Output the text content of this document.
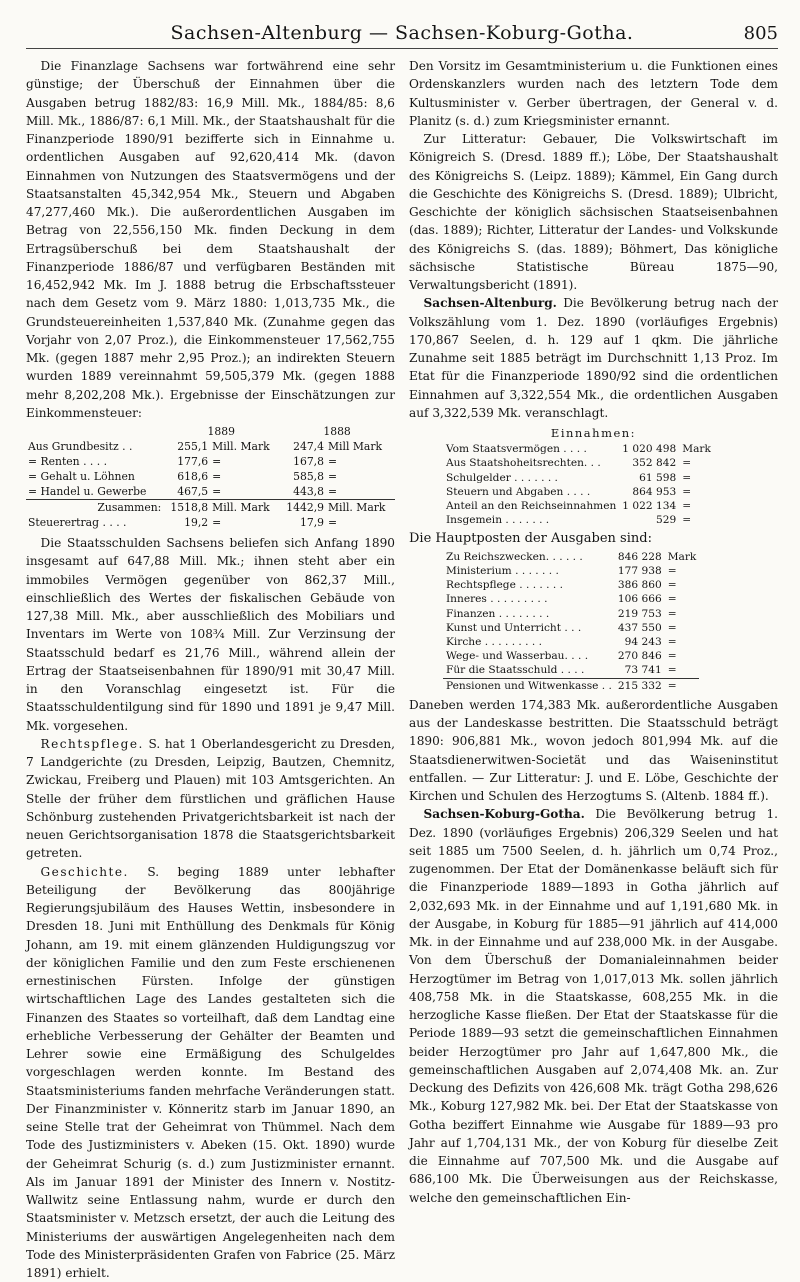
Sachsen-Altenburg — Sachsen-Koburg-Gotha.	805

Die Finanzlage Sachsens war fortwährend eine sehr günstige; der Überschuß der Einnahmen über die Ausgaben betrug 1882/83: 16,9 Mill. Mk., 1884/85: 8,6 Mill. Mk., 1886/87: 6,1 Mill. Mk., der Staatshaushalt für die Finanzperiode 1890/91 bezifferte sich in Einnahme u. ordentlichen Ausgaben auf 92,620,414 Mk. (davon Einnahmen von Nutzungen des Staatsvermögens und der Staatsanstalten 45,342,954 Mk., Steuern und Abgaben 47,277,460 Mk.). Die außerordentlichen Ausgaben im Betrag von 22,556,150 Mk. finden Deckung in dem Ertragsüberschuß bei dem Staatshaushalt der Finanzperiode 1886/87 und verfügbaren Beständen mit 16,452,942 Mk. Im J. 1888 betrug die Erbschaftssteuer nach dem Gesetz vom 9. März 1880: 1,013,735 Mk., die Grundsteuereinheiten 1,537,840 Mk. (Zunahme gegen das Vorjahr von 2,07 Proz.), die Einkommensteuer 17,562,755 Mk. (gegen 1887 mehr 2,95 Proz.); an indirekten Steuern wurden 1889 vereinnahmt 59,505,379 Mk. (gegen 1888 mehr 8,202,208 Mk.). Ergebnisse der Einschätzungen zur Einkommensteuer:

	1889		1888	
Aus Grundbesitz . .	255,1	Mill. Mark	247,4	Mill Mark
= Renten . . . .	177,6	=	167,8	=
= Gehalt u. Löhnen	618,6	=	585,8	=
= Handel u. Gewerbe	467,5	=	443,8	=
Zusammen:	1518,8	Mill. Mark	1442,9	Mill. Mark
Steuerertrag . . . .	19,2	=	17,9	=

Die Staatsschulden Sachsens beliefen sich Anfang 1890 insgesamt auf 647,88 Mill. Mk.; ihnen steht aber ein immobiles Vermögen gegenüber von 862,37 Mill., einschließlich des Wertes der fiskalischen Gebäude von 127,38 Mill. Mk., aber ausschließlich des Mobiliars und Inventars im Werte von 108¾ Mill. Zur Verzinsung der Staatsschuld bedarf es 21,76 Mill., während allein der Ertrag der Staatseisenbahnen für 1890/91 mit 30,47 Mill. in den Voranschlag eingesetzt ist. Für die Staatsschuldentilgung sind für 1890 und 1891 je 9,47 Mill. Mk. vorgesehen.

Rechtspflege. S. hat 1 Oberlandesgericht zu Dresden, 7 Landgerichte (zu Dresden, Leipzig, Bautzen, Chemnitz, Zwickau, Freiberg und Plauen) mit 103 Amtsgerichten. An Stelle der früher dem fürstlichen und gräflichen Hause Schönburg zustehenden Privatgerichtsbarkeit ist nach der neuen Gerichtsorganisation 1878 die Staatsgerichtsbarkeit getreten.

Geschichte. S. beging 1889 unter lebhafter Beteiligung der Bevölkerung das 800jährige Regierungsjubiläum des Hauses Wettin, insbesondere in Dresden 18. Juni mit Enthüllung des Denkmals für König Johann, am 19. mit einem glänzenden Huldigungszug vor der königlichen Familie und den zum Feste erschienenen ernestinischen Fürsten. Infolge der günstigen wirtschaftlichen Lage des Landes gestalteten sich die Finanzen des Staates so vorteilhaft, daß dem Landtag eine erhebliche Verbesserung der Gehälter der Beamten und Lehrer sowie eine Ermäßigung des Schulgeldes vorgeschlagen werden konnte. Im Bestand des Staatsministeriums fanden mehrfache Veränderungen statt. Der Finanzminister v. Könneritz starb im Januar 1890, an seine Stelle trat der Geheimrat von Thümmel. Nach dem Tode des Justizministers v. Abeken (15. Okt. 1890) wurde der Geheimrat Schurig (s. d.) zum Justizminister ernannt. Als im Januar 1891 der Minister des Innern v. Nostitz-Wallwitz seine Entlassung nahm, wurde er durch den Staatsminister v. Metzsch ersetzt, der auch die Leitung des Ministeriums der auswärtigen Angelegenheiten nach dem Tode des Ministerpräsidenten Grafen von Fabrice (25. März 1891) erhielt.

Den Vorsitz im Gesamtministerium u. die Funktionen eines Ordenskanzlers wurden nach des letztern Tode dem Kultusminister v. Gerber übertragen, der General v. d. Planitz (s. d.) zum Kriegsminister ernannt.

Zur Litteratur: Gebauer, Die Volkswirtschaft im Königreich S. (Dresd. 1889 ff.); Löbe, Der Staatshaushalt des Königreichs S. (Leipz. 1889); Kämmel, Ein Gang durch die Geschichte des Königreichs S. (Dresd. 1889); Ulbricht, Geschichte der königlich sächsischen Staatseisenbahnen (das. 1889); Richter, Litteratur der Landes- und Volkskunde des Königreichs S. (das. 1889); Böhmert, Das königliche sächsische Statistische Büreau 1875—90, Verwaltungsbericht (1891).

Sachsen-Altenburg. Die Bevölkerung betrug nach der Volkszählung vom 1. Dez. 1890 (vorläufiges Ergebnis) 170,867 Seelen, d. h. 129 auf 1 qkm. Die jährliche Zunahme seit 1885 beträgt im Durchschnitt 1,13 Proz. Im Etat für die Finanzperiode 1890/92 sind die ordentlichen Einnahmen auf 3,322,554 Mk., die ordentlichen Ausgaben auf 3,322,539 Mk. veranschlagt.

Einnahmen:
Vom Staatsvermögen . . . .	1 020 498	Mark
Aus Staatshoheitsrechten. . .	352 842	=
Schulgelder . . . . . . .	61 598	=
Steuern und Abgaben . . . .	864 953	=
Anteil an den Reichseinnahmen	1 022 134	=
Insgemein . . . . . . .	529	=
Die Hauptposten der Ausgaben sind:
Zu Reichszwecken. . . . . .	846 228	Mark
Ministerium . . . . . . .	177 938	=
Rechtspflege . . . . . . .	386 860	=
Inneres . . . . . . . . .	106 666	=
Finanzen . . . . . . . .	219 753	=
Kunst und Unterricht . . .	437 550	=
Kirche . . . . . . . . .	94 243	=
Wege- und Wasserbau. . . .	270 846	=
Für die Staatsschuld . . . .	73 741	=
Pensionen und Witwenkasse . .	215 332	=

Daneben werden 174,383 Mk. außerordentliche Ausgaben aus der Landeskasse bestritten. Die Staatsschuld beträgt 1890: 906,881 Mk., wovon jedoch 801,994 Mk. auf die Staatsdienerwitwen-Societät und das Waiseninstitut entfallen. — Zur Litteratur: J. und E. Löbe, Geschichte der Kirchen und Schulen des Herzogtums S. (Altenb. 1884 ff.).

Sachsen-Koburg-Gotha. Die Bevölkerung betrug 1. Dez. 1890 (vorläufiges Ergebnis) 206,329 Seelen und hat seit 1885 um 7500 Seelen, d. h. jährlich um 0,74 Proz., zugenommen. Der Etat der Domänenkasse beläuft sich für die Finanzperiode 1889—1893 in Gotha jährlich auf 2,032,693 Mk. in der Einnahme und auf 1,191,680 Mk. in der Ausgabe, in Koburg für 1885—91 jährlich auf 414,000 Mk. in der Einnahme und auf 238,000 Mk. in der Ausgabe. Von dem Überschuß der Domanialeinnahmen beider Herzogtümer im Betrag von 1,017,013 Mk. sollen jährlich 408,758 Mk. in die Staatskasse, 608,255 Mk. in die herzogliche Kasse fließen. Der Etat der Staatskasse für die Periode 1889—93 setzt die gemeinschaftlichen Einnahmen beider Herzogtümer pro Jahr auf 1,647,800 Mk., die gemeinschaftlichen Ausgaben auf 2,074,408 Mk. an. Zur Deckung des Defizits von 426,608 Mk. trägt Gotha 298,626 Mk., Koburg 127,982 Mk. bei. Der Etat der Staatskasse von Gotha beziffert Einnahme wie Ausgabe für 1889—93 pro Jahr auf 1,704,131 Mk., der von Koburg für dieselbe Zeit die Einnahme auf 707,500 Mk. und die Ausgabe auf 686,100 Mk. Die Überweisungen aus der Reichskasse, welche den gemeinschaftlichen Ein-
